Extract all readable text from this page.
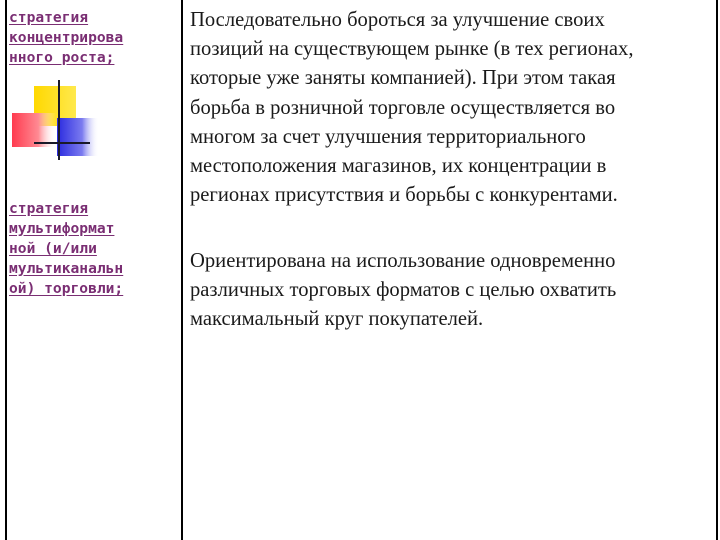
стратегия
концентрирова
нного роста;
Последовательно бороться за улучшение своих
позиций на существующем рынке (в тех регионах,
которые уже заняты компанией). При этом такая
борьба в розничной торговле осуществляется во
многом за счет улучшения территориального
местоположения магазинов, их концентрации в
регионах присутствия и борьбы с конкурентами.
стратегия
мультиформат
ной (и/или
мультиканальн
ой) торговли;
Ориентирована на использование одновременно
различных торговых форматов с целью охватить
максимальный круг покупателей.
